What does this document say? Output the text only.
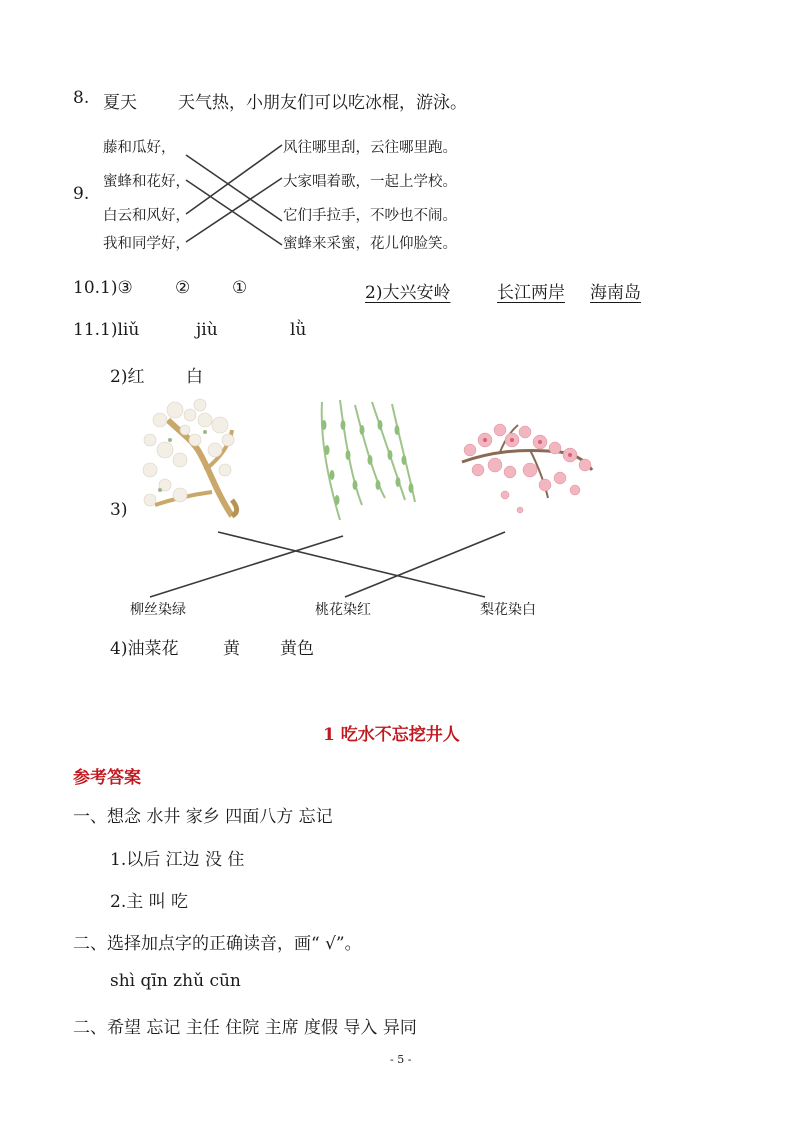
8. 夏天 天气热，小朋友们可以吃冰棍，游泳。
9.
藤和瓜好，
蜜蜂和花好，
白云和风好，
我和同学好，
风往哪里刮，云往哪里跑。
大家唱着歌，一起上学校。
它们手拉手，不吵也不闹。
蜜蜂来采蜜，花儿仰脸笑。
10.1)③ ② ①	2)大兴安岭	长江两岸 海南岛
11.1)liǔ	jiù	lǜ
2)红 白
3)
柳丝染绿	桃花染红	梨花染白
4)油菜花	黄 黄色
1 吃水不忘挖井人
参考答案
一、想念 水井 家乡 四面八方 忘记
1.以后 江边 没 住
2.主 叫 吃
二、选择加点字的正确读音，画“ √”。
shì qīn zhǔ cūn
二、希望 忘记 主任 住院 主席 度假 导入 异同
- 5 -
